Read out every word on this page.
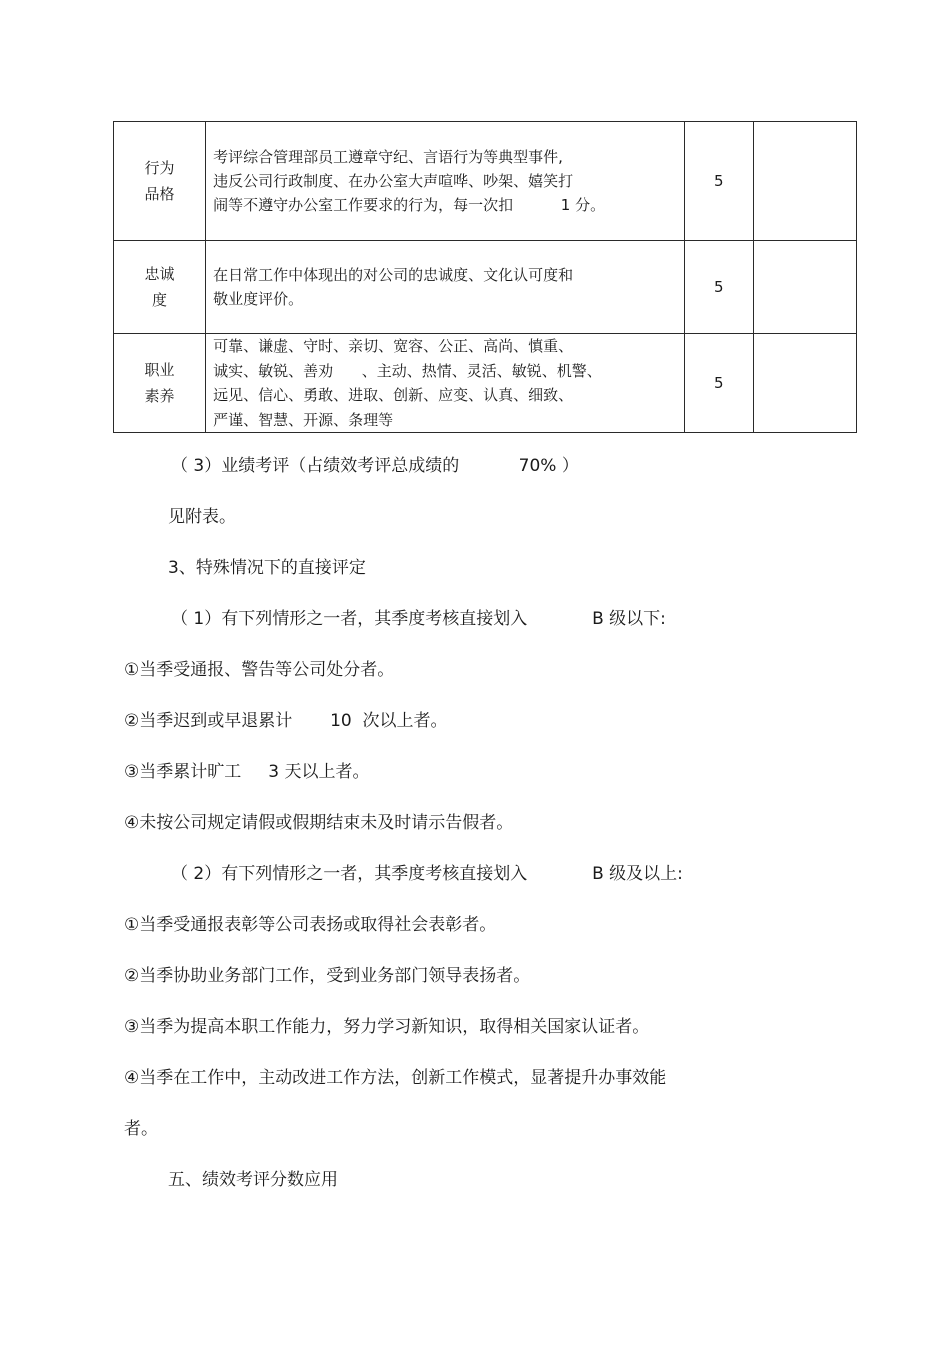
行为
品格	考评综合管理部员工遵章守纪、言语行为等典型事件,
违反公司行政制度、在办公室大声喧哗、吵架、嬉笑打
闹等不遵守办公室工作要求的行为，每一次扣          1 分。	5	

忠诚
度	在日常工作中体现出的对公司的忠诚度、文化认可度和
敬业度评价。	5	

职业
素养	可靠、谦虚、守时、亲切、宽容、公正、高尚、慎重、
诚实、敏锐、善劝      、主动、热情、灵活、敏锐、机警、
远见、信心、勇敢、进取、创新、应变、认真、细致、
严谨、智慧、开源、条理等	5	
（ 3）业绩考评（占绩效考评总成绩的           70% ）
见附表。
3、特殊情况下的直接评定
（ 1）有下列情形之一者，其季度考核直接划入            B 级以下:
①当季受通报、警告等公司处分者。
②当季迟到或早退累计       10  次以上者。
③当季累计旷工     3 天以上者。
④未按公司规定请假或假期结束未及时请示告假者。
（ 2）有下列情形之一者，其季度考核直接划入            B 级及以上:
①当季受通报表彰等公司表扬或取得社会表彰者。
②当季协助业务部门工作，受到业务部门领导表扬者。
③当季为提高本职工作能力，努力学习新知识，取得相关国家认证者。
④当季在工作中，主动改进工作方法，创新工作模式，显著提升办事效能
者。
五、绩效考评分数应用
